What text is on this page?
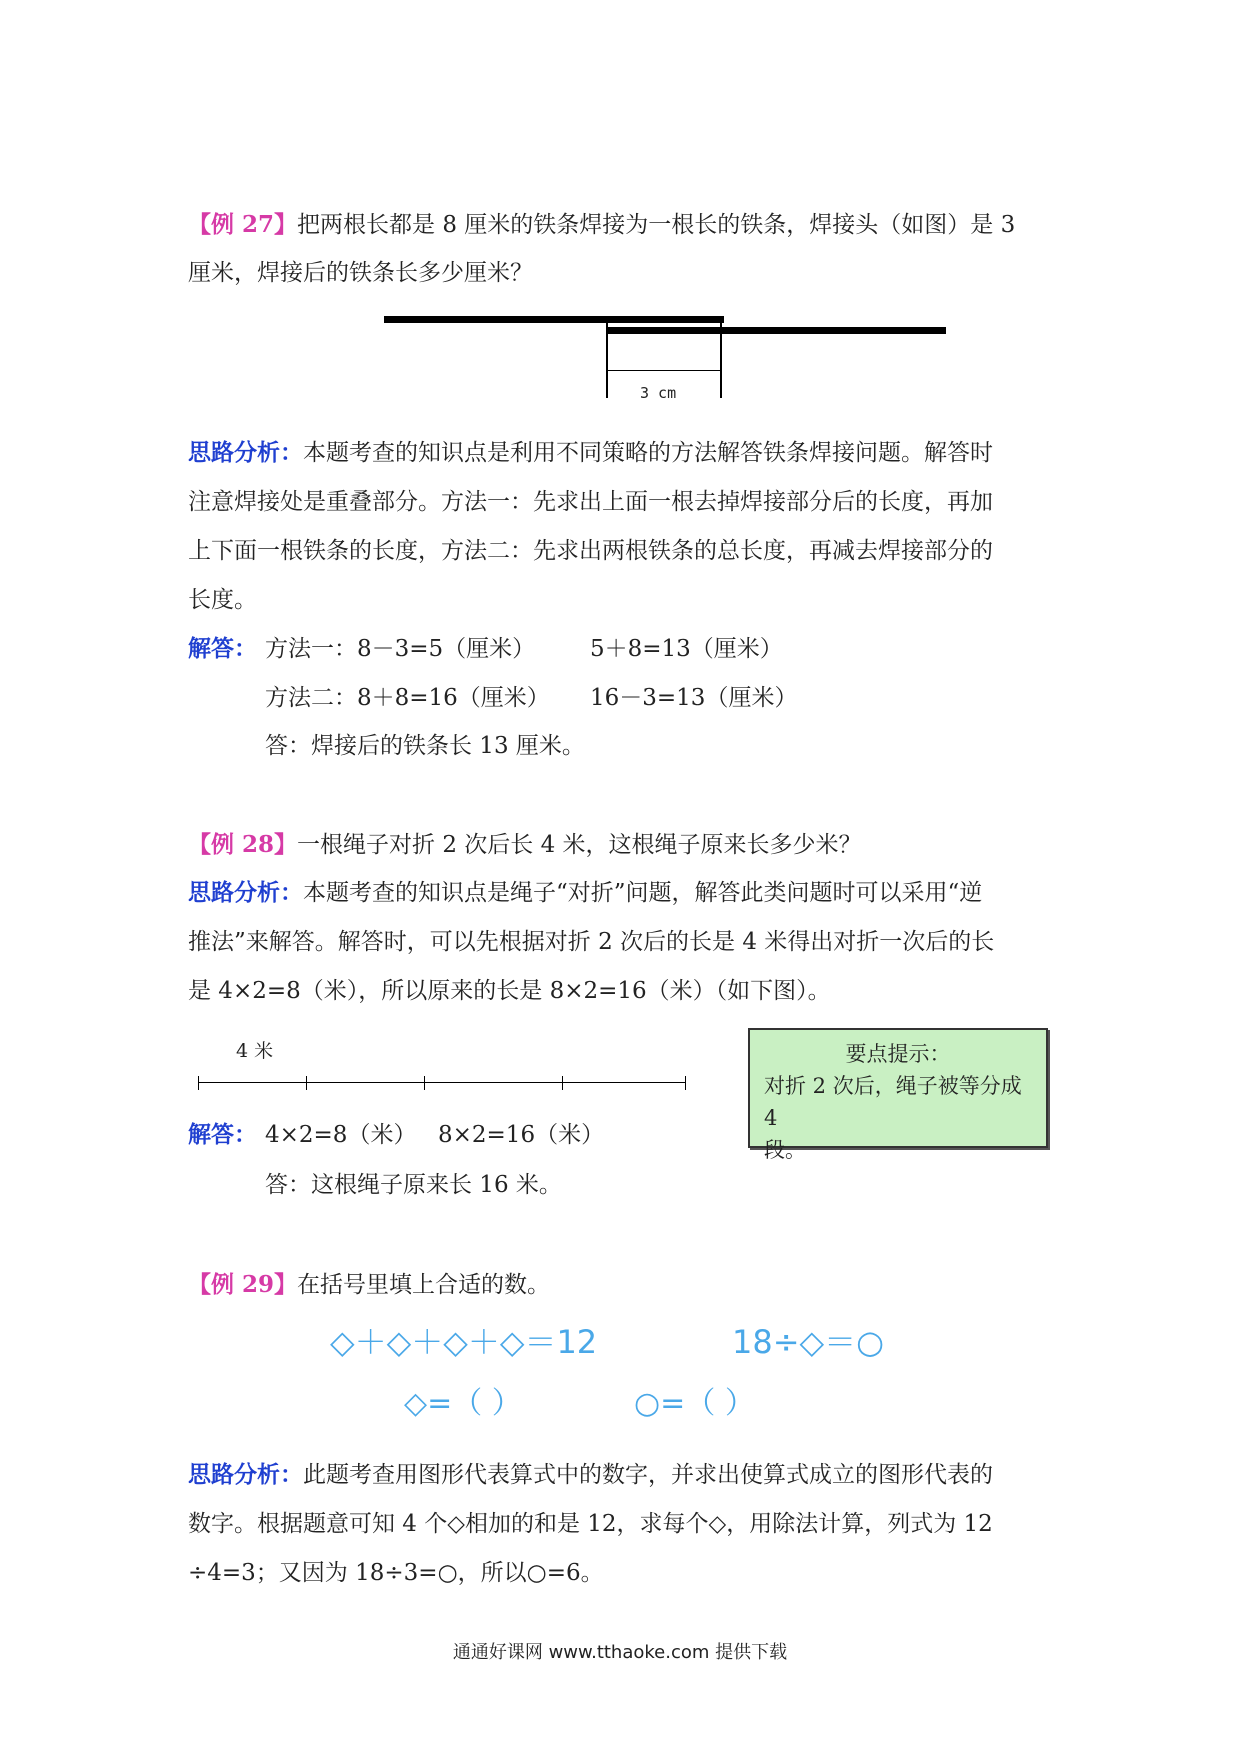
【例 27】把两根长都是 8 厘米的铁条焊接为一根长的铁条，焊接头（如图）是 3
厘米，焊接后的铁条长多少厘米？
3 cm
思路分析：本题考查的知识点是利用不同策略的方法解答铁条焊接问题。解答时
注意焊接处是重叠部分。方法一：先求出上面一根去掉焊接部分后的长度，再加
上下面一根铁条的长度，方法二：先求出两根铁条的总长度，再减去焊接部分的
长度。
解答： 方法一：8－3=5（厘米） 5＋8=13（厘米）
方法二：8＋8=16（厘米） 16－3=13（厘米）
答：焊接后的铁条长 13 厘米。
【例 28】一根绳子对折 2 次后长 4 米，这根绳子原来长多少米？
思路分析：本题考查的知识点是绳子“对折”问题，解答此类问题时可以采用“逆
推法”来解答。解答时，可以先根据对折 2 次后的长是 4 米得出对折一次后的长
是 4×2=8（米），所以原来的长是 8×2=16（米）（如下图）。
4 米	要点提示：
对折 2 次后，绳子被等分成 4
段。
解答： 4×2=8（米） 8×2=16（米）
答：这根绳子原来长 16 米。
【例 29】在括号里填上合适的数。
◇＋◇＋◇＋◇＝12	18÷◇＝○
◇=（ ）	○=（ ）
思路分析：此题考查用图形代表算式中的数字，并求出使算式成立的图形代表的
数字。根据题意可知 4 个◇相加的和是 12，求每个◇，用除法计算，列式为 12
÷4=3；又因为 18÷3=○，所以○=6。
通通好课网 www.tthaoke.com 提供下载
